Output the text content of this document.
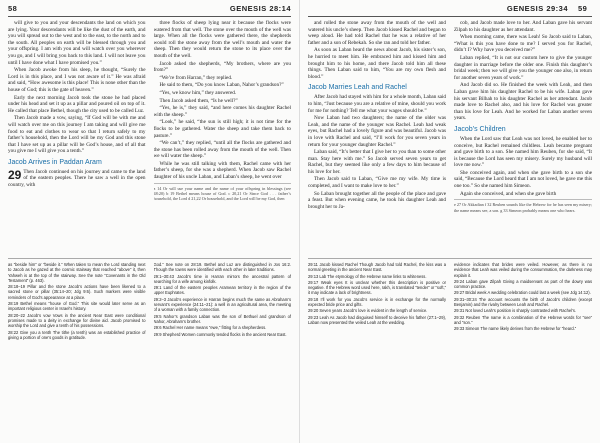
58	GENESIS 28:14

will give to you and your descendants the land on which you are lying. Your descendants will be like the dust of the earth, and you will spread out to the west and to the east, to the north and to the south. All peoples on earth will be blessed through you and your offspring. I am with you and will watch over you wherever you go, and I will bring you back to this land. I will not leave you until I have done what I have promised you.”

When Jacob awoke from his sleep, he thought, “Surely the Lord is in this place, and I was not aware of it.” He was afraid and said, “How awesome is this place! This is none other than the house of God; this is the gate of heaven.”

Early the next morning Jacob took the stone he had placed under his head and set it up as a pillar and poured oil on top of it. He called that place Bethel, though the city used to be called Luz.

Then Jacob made a vow, saying, “If God will be with me and will watch over me on this journey I am taking and will give me food to eat and clothes to wear so that I return safely to my father’s household, then the Lord will be my God and this stone that I have set up as a pillar will be God’s house, and of all that you give me I will give you a tenth.”

Jacob Arrives in Paddan Aram

29 Then Jacob continued on his journey and came to the land of the eastern peoples. There he saw a well in the open country, with

three flocks of sheep lying near it because the flocks were watered from that well. The stone over the mouth of the well was large. When all the flocks were gathered there, the shepherds would roll the stone away from the well’s mouth and water the sheep. Then they would return the stone to its place over the mouth of the well.

Jacob asked the shepherds, “My brothers, where are you from?”

“We’re from Harran,” they replied.

He said to them, “Do you know Laban, Nahor’s grandson?”

“Yes, we know him,” they answered.

Then Jacob asked them, “Is he well?”

“Yes, he is,” they said, “and here comes his daughter Rachel with the sheep.”

“Look,” he said, “the sun is still high; it is not time for the flocks to be gathered. Water the sheep and take them back to pasture.”

“We can’t,” they replied, “until all the flocks are gathered and the stone has been rolled away from the mouth of the well. Then we will water the sheep.”

While he was still talking with them, Rachel came with her father’s sheep, for she was a shepherd. When Jacob saw Rachel daughter of his uncle Laban, and Laban’s sheep, he went over

a 14 Or will use your name and the name of your offspring in blessings (see 48:20) b 19 Bethel means house of God. c 20,21 Or Since God . . . father’s household, the Lord d 21,22 Or household, and the Lord will be my God, then

as “beside him” or “beside it.” When taken to mean the Lord standing next to Jacob as he gazed at the cosmic stairway that reached “above” it, then Yahweh is at the top of the stairway. See the note “Covenants in the Old Testament” (p. 463).

28:18–19 Pillar and the stone Jacob’s actions have been likened to a sacred stone or pillar (35:14–20; Jdg 9:6). Such markers were visible reminders of God’s appearance at a place.

28:19 Bethel means “house of God.” This site would later serve as an important religious center in Israel’s history.

28:20–22 Jacob’s vow Vows in the ancient Near East were conditional promises made to a deity in exchange for divine aid. Jacob promised to worship the Lord and give a tenth of his possessions.

28:22 Give you a tenth The tithe (a tenth) was an established practice of giving a portion of one’s goods in gratitude.

God.” See note on 28:19. Bethel and Luz are distinguished in Jos 16:2. Though the towns were identified with each other in later traditions.

29:1–30:43 Jacob’s time in Harran mirrors the ancestral pattern of searching for a wife among kinfolk.

29:1 Land of the eastern peoples Aramean territory in the region of the upper Euphrates.

29:2–3 Jacob’s experience in Harran begins much the same as Abraham’s servant’s experience (24:11–21): a well in an agricultural area, the meeting of a woman with a family connection.

29:5 Nahor’s grandson Laban was the son of Bethuel and grandson of Nahor, Abraham’s brother.

29:6 Rachel Her name means “ewe,” fitting for a shepherdess.

29:9 Shepherd Women commonly tended flocks in the ancient Near East.

GENESIS 29:34 59

and rolled the stone away from the mouth of the well and watered his uncle’s sheep. Then Jacob kissed Rachel and began to weep aloud. He had told Rachel that he was a relative of her father and a son of Rebekah. So she ran and told her father.

As soon as Laban heard the news about Jacob, his sister’s son, he hurried to meet him. He embraced him and kissed him and brought him to his home, and there Jacob told him all these things. Then Laban said to him, “You are my own flesh and blood.”

Jacob Marries Leah and Rachel

After Jacob had stayed with him for a whole month, Laban said to him, “Just because you are a relative of mine, should you work for me for nothing? Tell me what your wages should be.”

Now Laban had two daughters; the name of the older was Leah, and the name of the younger was Rachel. Leah had weak eyes, but Rachel had a lovely figure and was beautiful. Jacob was in love with Rachel and said, “I’ll work for you seven years in return for your younger daughter Rachel.”

Laban said, “It’s better that I give her to you than to some other man. Stay here with me.” So Jacob served seven years to get Rachel, but they seemed like only a few days to him because of his love for her.

Then Jacob said to Laban, “Give me my wife. My time is completed, and I want to make love to her.”

So Laban brought together all the people of the place and gave a feast. But when evening came, he took his daughter Leah and brought her to Ja-

cob, and Jacob made love to her. And Laban gave his servant Zilpah to his daughter as her attendant.

When morning came, there was Leah! So Jacob said to Laban, “What is this you have done to me? I served you for Rachel, didn’t I? Why have you deceived me?”

Laban replied, “It is not our custom here to give the younger daughter in marriage before the older one. Finish this daughter’s bridal week; then we will give you the younger one also, in return for another seven years of work.”

And Jacob did so. He finished the week with Leah, and then Laban gave him his daughter Rachel to be his wife. Laban gave his servant Bilhah to his daughter Rachel as her attendant. Jacob made love to Rachel also, and his love for Rachel was greater than his love for Leah. And he worked for Laban another seven years.

Jacob’s Children

When the Lord saw that Leah was not loved, he enabled her to conceive, but Rachel remained childless. Leah became pregnant and gave birth to a son. She named him Reuben, for she said, “It is because the Lord has seen my misery. Surely my husband will love me now.”

She conceived again, and when she gave birth to a son she said, “Because the Lord heard that I am not loved, he gave me this one too.” So she named him Simeon.

Again she conceived, and when she gave birth

e 27 Or Akkadian f 32 Reuben sounds like the Hebrew for he has seen my misery; the name means see, a son. g 33 Simeon probably means one who hears.

29:11 Jacob kissed Rachel Though Jacob had told Rachel, the kiss was a normal greeting in the ancient Near East.

29:13 Lab The etymology of the Hebrew name links to whiteness.

29:17 Weak eyes It is unclear whether this description is positive or negative. If the Hebrew word used here, rakh, is translated “tender” or “soft,” it may indicate a lack of brightness.

29:18 I’ll work for you Jacob’s service is in exchange for the normally expected bride price and gifts.

29:20 Seven years Jacob’s love is evident in the length of service.

29:23 Leah As Jacob had disguised himself to deceive his father (27:1–29), Laban now presented the veiled Leah at the wedding.

evidence indicates that brides were veiled. However, as there is no evidence that Leah was veiled during the consummation, the darkness may explain it.

29:24 Laban gave Zilpah Giving a maidservant as part of the dowry was common practice.

29:27 Bridal week A wedding celebration could last a week (see Jdg 14:12).

29:31–30:24 The account recounts the birth of Jacob’s children (except Benjamin) and the rivalry between Leah and Rachel.

29:31 Not loved Leah’s position is sharply contrasted with Rachel’s.

29:32 Reuben The name is a combination of the Hebrew words for “see” and “son.”

29:33 Simeon The name likely derives from the Hebrew for “heard.”
